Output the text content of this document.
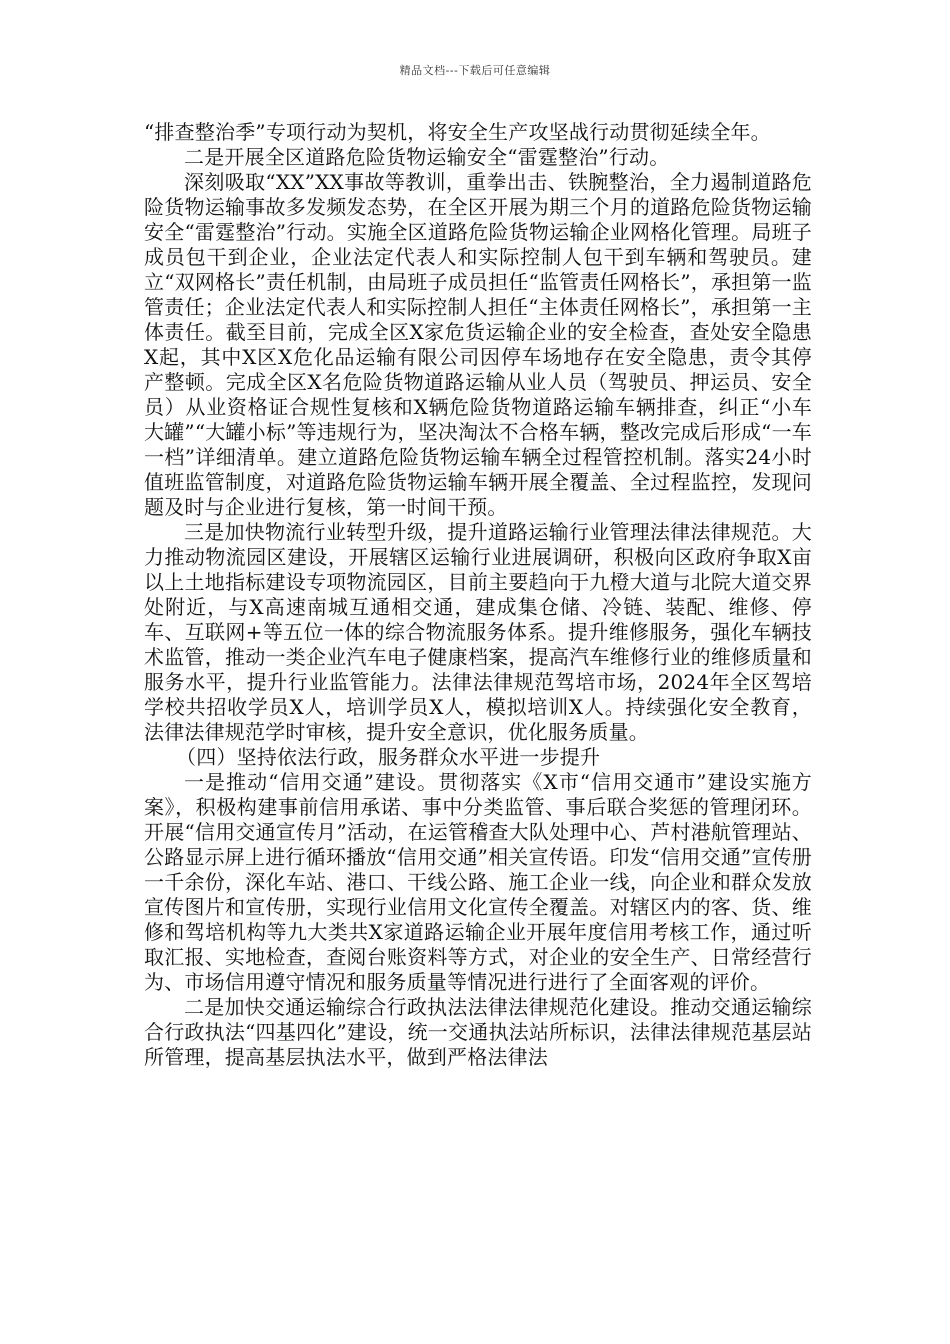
精品文档---下载后可任意编辑

“排查整治季”专项行动为契机，将安全生产攻坚战行动贯彻延续全年。

二是开展全区道路危险货物运输安全“雷霆整治”行动。

深刻吸取“XX”XX事故等教训，重拳出击、铁腕整治，全力遏制道路危险货物运输事故多发频发态势，在全区开展为期三个月的道路危险货物运输安全“雷霆整治”行动。实施全区道路危险货物运输企业网格化管理。局班子成员包干到企业，企业法定代表人和实际控制人包干到车辆和驾驶员。建立“双网格长”责任机制，由局班子成员担任“监管责任网格长”，承担第一监管责任；企业法定代表人和实际控制人担任“主体责任网格长”，承担第一主体责任。截至目前，完成全区X家危货运输企业的安全检查，查处安全隐患X起，其中X区X危化品运输有限公司因停车场地存在安全隐患，责令其停产整顿。完成全区X名危险货物道路运输从业人员（驾驶员、押运员、安全员）从业资格证合规性复核和X辆危险货物道路运输车辆排查，纠正“小车大罐”“大罐小标”等违规行为，坚决淘汰不合格车辆，整改完成后形成“一车一档”详细清单。建立道路危险货物运输车辆全过程管控机制。落实24小时值班监管制度，对道路危险货物运输车辆开展全覆盖、全过程监控，发现问题及时与企业进行复核，第一时间干预。

三是加快物流行业转型升级，提升道路运输行业管理法律法律规范。大力推动物流园区建设，开展辖区运输行业进展调研，积极向区政府争取X亩以上土地指标建设专项物流园区，目前主要趋向于九橙大道与北院大道交界处附近，与X高速南城互通相交通，建成集仓储、冷链、装配、维修、停车、互联网+等五位一体的综合物流服务体系。提升维修服务，强化车辆技术监管，推动一类企业汽车电子健康档案，提高汽车维修行业的维修质量和服务水平，提升行业监管能力。法律法律规范驾培市场，2024年全区驾培学校共招收学员X人，培训学员X人，模拟培训X人。持续强化安全教育，法律法律规范学时审核，提升安全意识，优化服务质量。

（四）坚持依法行政，服务群众水平进一步提升

一是推动“信用交通”建设。贯彻落实《X市“信用交通市”建设实施方案》，积极构建事前信用承诺、事中分类监管、事后联合奖惩的管理闭环。开展“信用交通宣传月”活动，在运管稽查大队处理中心、芦村港航管理站、公路显示屏上进行循环播放“信用交通”相关宣传语。印发“信用交通”宣传册一千余份，深化车站、港口、干线公路、施工企业一线，向企业和群众发放宣传图片和宣传册，实现行业信用文化宣传全覆盖。对辖区内的客、货、维修和驾培机构等九大类共X家道路运输企业开展年度信用考核工作，通过听取汇报、实地检查，查阅台账资料等方式，对企业的安全生产、日常经营行为、市场信用遵守情况和服务质量等情况进行进行了全面客观的评价。

二是加快交通运输综合行政执法法律法律规范化建设。推动交通运输综合行政执法“四基四化”建设，统一交通执法站所标识，法律法律规范基层站所管理，提高基层执法水平，做到严格法律法
